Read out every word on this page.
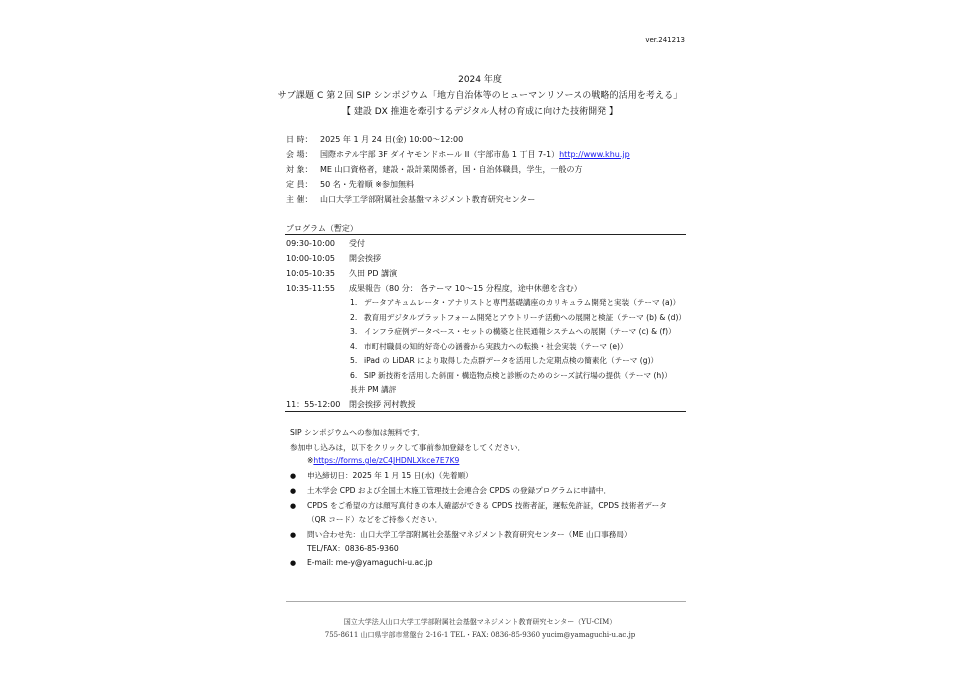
ver.241213
2024 年度
サブ課題 C 第２回 SIP シンポジウム「地方自治体等のヒューマンリソースの戦略的活用を考える」
【 建設 DX 推進を牽引するデジタル人材の育成に向けた技術開発 】
日 時： 2025 年 1 月 24 日(金) 10:00～12:00
会 場： 国際ホテル宇部 3F ダイヤモンドホール II（宇部市島 1 丁目 7-1）http://www.khu.jp
対 象： ME 山口資格者，建設・設計業関係者，国・自治体職員，学生，一般の方
定 員： 50 名・先着順 ※参加無料
主 催： 山口大学工学部附属社会基盤マネジメント教育研究センター
プログラム（暫定）
09:30-10:00 受付
10:00-10:05 開会挨拶
10:05-10:35 久田 PD 講演
10:35-11:55 成果報告（80 分： 各テーマ 10～15 分程度，途中休憩を含む）
1. データアキュムレータ・アナリストと専門基礎講座のカリキュラム開発と実装（テーマ (a)）
2. 教育用デジタルプラットフォーム開発とアウトリーチ活動への展開と検証（テーマ (b) & (d)）
3. インフラ症例データベース・セットの構築と住民通報システムへの展開（テーマ (c) & (f)）
4. 市町村職員の知的好奇心の涵養から実践力への転換・社会実装（テーマ (e)）
5. iPad の LiDAR により取得した点群データを活用した定期点検の簡素化（テーマ (g)）
6. SIP 新技術を活用した斜面・構造物点検と診断のためのシーズ試行場の提供（テーマ (h)）
長井 PM 講評
11：55-12:00 閉会挨拶 河村教授
SIP シンポジウムへの参加は無料です．
参加申し込みは，以下をクリックして事前参加登録をしてください．
※https://forms.gle/zC4JHDNLXkce7E7K9
● 申込締切日：2025 年 1 月 15 日(水)（先着順）
● 土木学会 CPD および全国土木施工管理技士会連合会 CPDS の登録プログラムに申請中．
● CPDS をご希望の方は顔写真付きの本人確認ができる CPDS 技術者証，運転免許証，CPDS 技術者データ
（QR コード）などをご持参ください．
● 問い合わせ先：山口大学工学部附属社会基盤マネジメント教育研究センター（ME 山口事務局）
TEL/FAX：0836-85-9360
● E-mail: me-y@yamaguchi-u.ac.jp
国立大学法人山口大学工学部附属社会基盤マネジメント教育研究センター（YU-CIM）
755-8611 山口県宇部市常盤台 2-16-1 TEL・FAX: 0836-85-9360 yucim@yamaguchi-u.ac.jp
